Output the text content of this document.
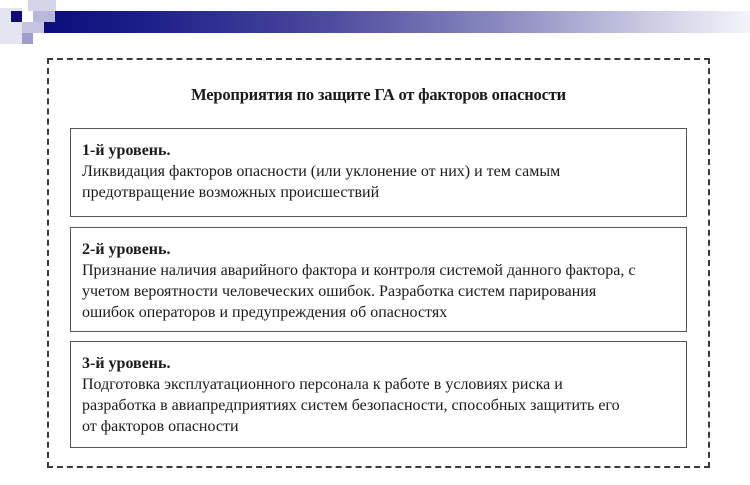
Мероприятия по защите ГА от факторов опасности
1-й уровень.
Ликвидация факторов опасности (или уклонение от них) и тем самым
предотвращение возможных происшествий
2-й уровень.
Признание наличия аварийного фактора и контроля системой данного фактора, с
учетом вероятности человеческих ошибок. Разработка систем парирования
ошибок операторов и предупреждения об опасностях
3-й уровень.
Подготовка эксплуатационного персонала к работе в условиях риска и
разработка в авиапредприятиях систем безопасности, способных защитить его
от факторов опасности
